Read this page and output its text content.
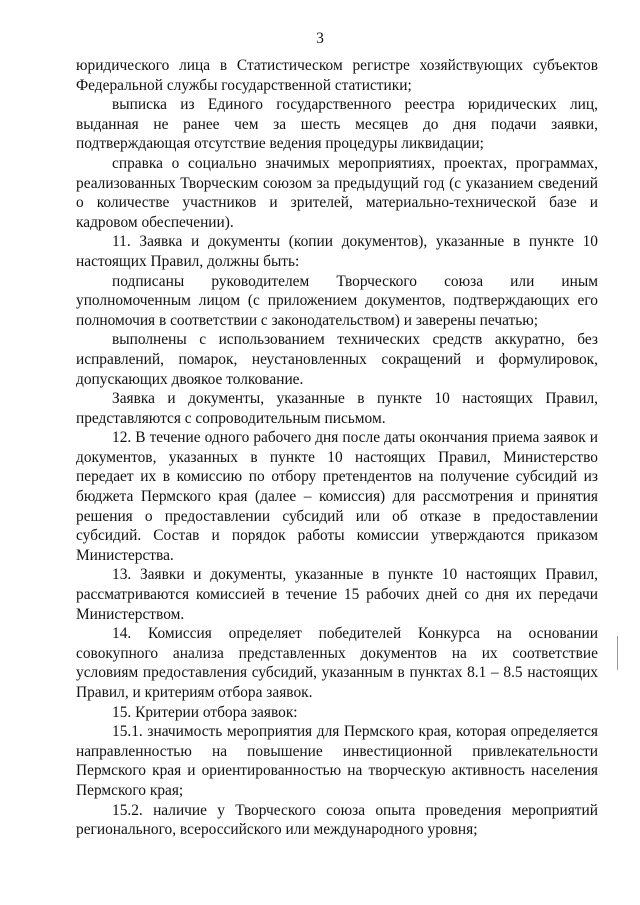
3

юридического лица в Статистическом регистре хозяйствующих субъектов Федеральной службы государственной статистики;

выписка из Единого государственного реестра юридических лиц, выданная не ранее чем за шесть месяцев до дня подачи заявки, подтверждающая отсутствие ведения процедуры ликвидации;

справка о социально значимых мероприятиях, проектах, программах, реализованных Творческим союзом за предыдущий год (с указанием сведений о количестве участников и зрителей, материально-технической базе и кадровом обеспечении).

11. Заявка и документы (копии документов), указанные в пункте 10 настоящих Правил, должны быть:

подписаны руководителем Творческого союза или иным уполномоченным лицом (с приложением документов, подтверждающих его полномочия в соответствии с законодательством) и заверены печатью;

выполнены с использованием технических средств аккуратно, без исправлений, помарок, неустановленных сокращений и формулировок, допускающих двоякое толкование.

Заявка и документы, указанные в пункте 10 настоящих Правил, представляются с сопроводительным письмом.

12. В течение одного рабочего дня после даты окончания приема заявок и документов, указанных в пункте 10 настоящих Правил, Министерство передает их в комиссию по отбору претендентов на получение субсидий из бюджета Пермского края (далее – комиссия) для рассмотрения и принятия решения о предоставлении субсидий или об отказе в предоставлении субсидий. Состав и порядок работы комиссии утверждаются приказом Министерства.

13. Заявки и документы, указанные в пункте 10 настоящих Правил, рассматриваются комиссией в течение 15 рабочих дней со дня их передачи Министерством.

14. Комиссия определяет победителей Конкурса на основании совокупного анализа представленных документов на их соответствие условиям предоставления субсидий, указанным в пунктах 8.1 – 8.5 настоящих Правил, и критериям отбора заявок.

15. Критерии отбора заявок:

15.1. значимость мероприятия для Пермского края, которая определяется направленностью на повышение инвестиционной привлекательности Пермского края и ориентированностью на творческую активность населения Пермского края;

15.2. наличие у Творческого союза опыта проведения мероприятий регионального, всероссийского или международного уровня;
